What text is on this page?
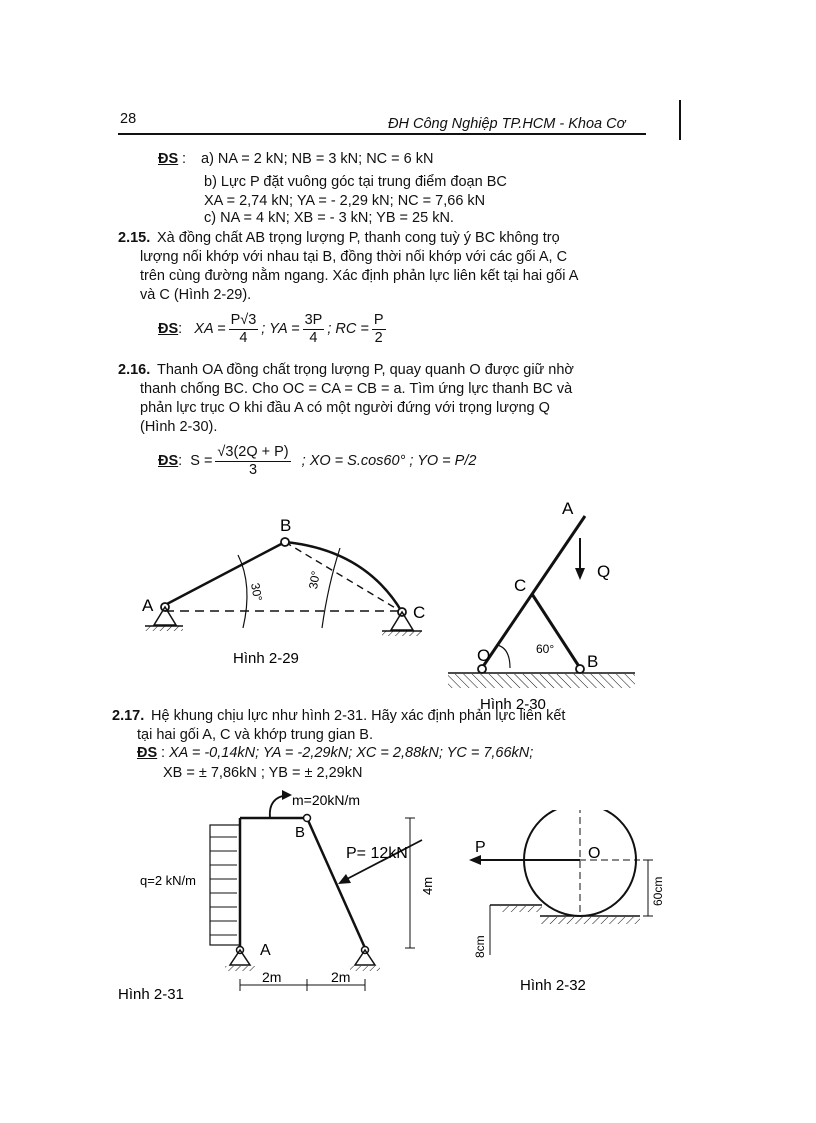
28	ĐH Công Nghiệp TP.HCM - Khoa Cơ
ĐS : a) NA = 2 kN; NB = 3 kN; NC = 6 kN
b) Lực P đặt vuông góc tại trung điểm đoạn BC
XA = 2,74 kN; YA = - 2,29 kN; NC = 7,66 kN
c) NA = 4 kN; XB = - 3 kN; YB = 25 kN.
2.15. Xà đồng chất AB trọng lượng P, thanh cong tuỳ ý BC không trọ
lượng nối khớp với nhau tại B, đồng thời nối khớp với các gối A, C
trên cùng đường nằm ngang. Xác định phản lực liên kết tại hai gối A
và C (Hình 2-29).
ĐS : XA = $\frac{P√3}{4}$ ; YA = $\frac{3P}{4}$ ; RC = $\frac{P}{2}$
2.16. Thanh OA đồng chất trọng lượng P, quay quanh O được giữ nhờ
thanh chống BC. Cho OC = CA = CB = a. Tìm ứng lực thanh BC và
phản lực trục O khi đầu A có một người đứng với trọng lượng Q
(Hình 2-30).
ĐS : $S = \frac{√3(2Q + P)}{3}$ ; XO = S.cos60° ; YO = P/2
A
B
C
30°
30°
Hình 2-29
A
Q
C
O	B
60°
Hình 2-30
2.17. Hệ khung chịu lực như hình 2-31. Hãy xác định phản lực liên kết
tại hai gối A, C và khớp trung gian B.
ĐS : XA = -0,14kN; YA = -2,29kN; XC = 2,88kN; YC = 7,66kN;
XB = ± 7,86kN ; YB = ± 2,29kN
m=20kN/m
B
P= 12kN
q=2 kN/m	4m
A
2m	2m
Hình 2-31
P	O
60cm
8cm
Hình 2-32
